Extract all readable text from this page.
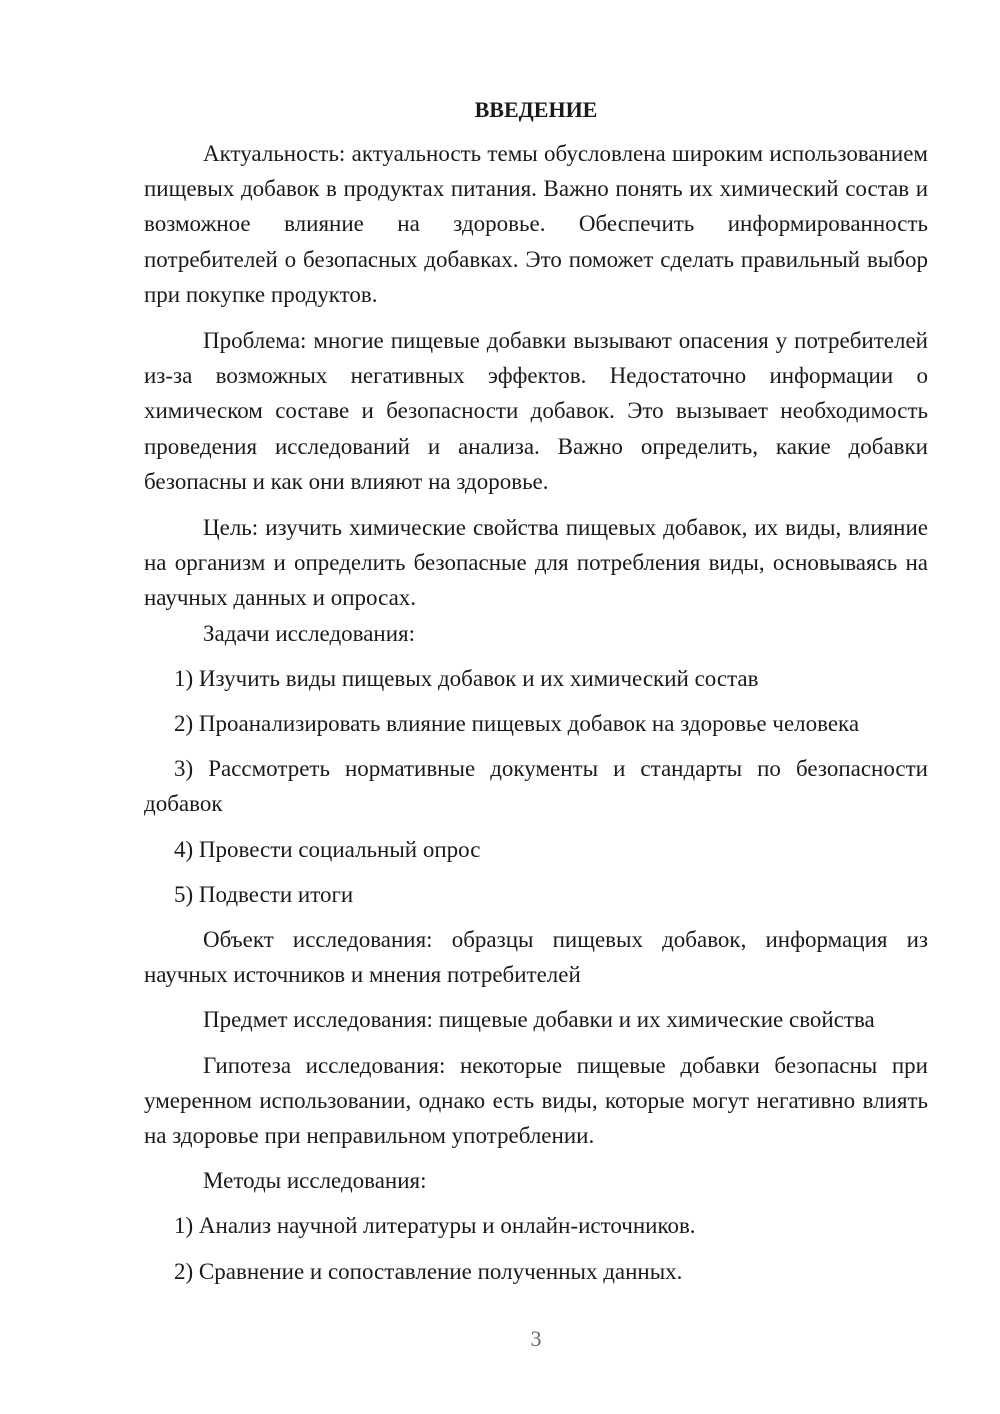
ВВЕДЕНИЕ

Актуальность: актуальность темы обусловлена широким использованием пищевых добавок в продуктах питания. Важно понять их химический состав и возможное влияние на здоровье. Обеспечить информированность потребителей о безопасных добавках. Это поможет сделать правильный выбор при покупке продуктов.

Проблема: многие пищевые добавки вызывают опасения у потребителей из-за возможных негативных эффектов. Недостаточно информации о химическом составе и безопасности добавок. Это вызывает необходимость проведения исследований и анализа. Важно определить, какие добавки безопасны и как они влияют на здоровье.

Цель: изучить химические свойства пищевых добавок, их виды, влияние на организм и определить безопасные для потребления виды, основываясь на научных данных и опросах.

Задачи исследования:

1) Изучить виды пищевых добавок и их химический состав

2) Проанализировать влияние пищевых добавок на здоровье человека

3) Рассмотреть нормативные документы и стандарты по безопасности добавок

4) Провести социальный опрос

5) Подвести итоги

Объект исследования: образцы пищевых добавок, информация из научных источников и мнения потребителей

Предмет исследования: пищевые добавки и их химические свойства

Гипотеза исследования: некоторые пищевые добавки безопасны при умеренном использовании, однако есть виды, которые могут негативно влиять на здоровье при неправильном употреблении.

Методы исследования:

1) Анализ научной литературы и онлайн-источников.

2) Сравнение и сопоставление полученных данных.

3
